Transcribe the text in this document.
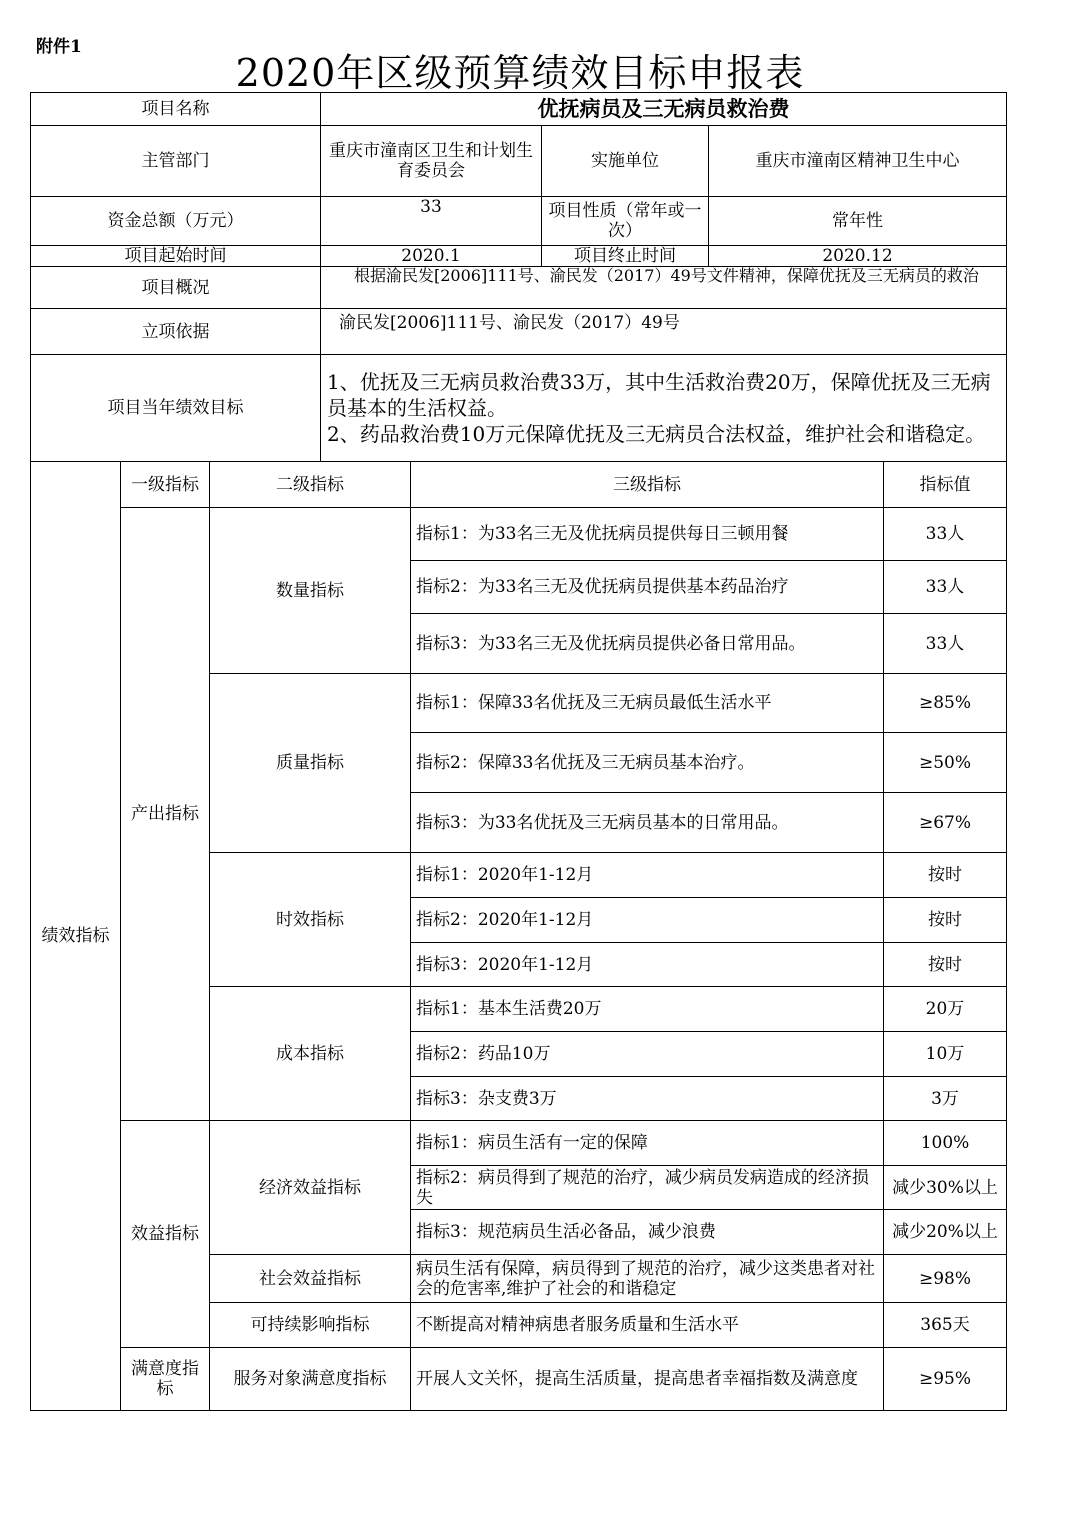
附件1
2020年区级预算绩效目标申报表
项目名称	优抚病员及三无病员救治费		
主管部门	重庆市潼南区卫生和计划生育委员会	实施单位	重庆市潼南区精神卫生中心
资金总额（万元）	33	项目性质（常年或一次）	常年性
项目起始时间	2020.1	项目终止时间	2020.12
项目概况	根据渝民发[2006]111号、渝民发（2017）49号文件精神，保障优抚及三无病员的救治		
立项依据	渝民发[2006]111号、渝民发（2017）49号		
项目当年绩效目标	1、优抚及三无病员救治费33万，其中生活救治费20万，保障优抚及三无病员基本的生活权益。
2、药品救治费10万元保障优抚及三无病员合法权益，维护社会和谐稳定。		
绩效指标	一级指标	二级指标	三级指标	指标值
	产出指标	数量指标	指标1：为33名三无及优抚病员提供每日三顿用餐	33人
			指标2：为33名三无及优抚病员提供基本药品治疗	33人
			指标3：为33名三无及优抚病员提供必备日常用品。	33人
		质量指标	指标1：保障33名优抚及三无病员最低生活水平	≥85%
			指标2：保障33名优抚及三无病员基本治疗。	≥50%
			指标3：为33名优抚及三无病员基本的日常用品。	≥67%
		时效指标	指标1：2020年1-12月	按时
			指标2：2020年1-12月	按时
			指标3：2020年1-12月	按时
		成本指标	指标1：基本生活费20万	20万
			指标2：药品10万	10万
			指标3：杂支费3万	3万
	效益指标	经济效益指标	指标1：病员生活有一定的保障	100%
			指标2：病员得到了规范的治疗，减少病员发病造成的经济损失	减少30%以上
			指标3：规范病员生活必备品，减少浪费	减少20%以上
		社会效益指标	病员生活有保障，病员得到了规范的治疗，减少这类患者对社会的危害率,维护了社会的和谐稳定	≥98%
		可持续影响指标	不断提高对精神病患者服务质量和生活水平	365天
	满意度指标	服务对象满意度指标	开展人文关怀，提高生活质量，提高患者幸福指数及满意度	≥95%
